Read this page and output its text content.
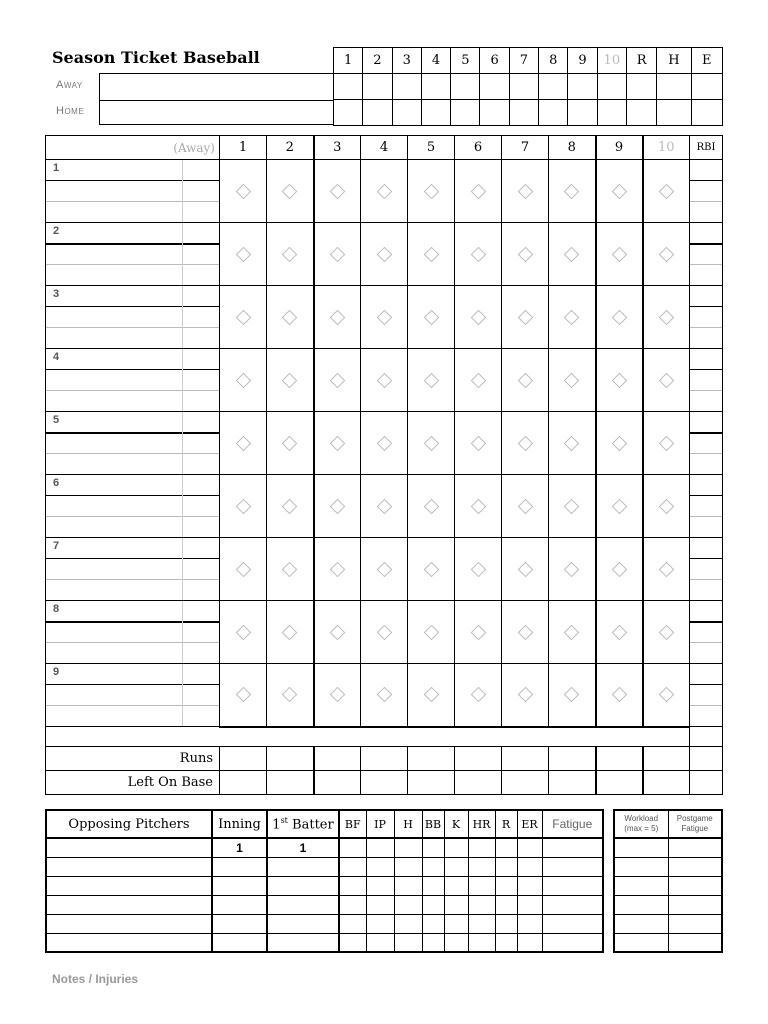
Season Ticket Baseball
Away
Home
1	2	3	4	5	6	7	8	9	10	R	H	E

(Away)	1	2	3	4	5	6	7	8	9	10	RBI

1											

2											

3											

4											

5											

6											

7											

8											

9											

Runs											
Left On Base											
Opposing Pitchers	Inning	1st Batter	BF	IP	H	BB	K	HR	R	ER	Fatigue
	1	1									

Workload (max = 5)	Postgame Fatigue

Notes / Injuries
